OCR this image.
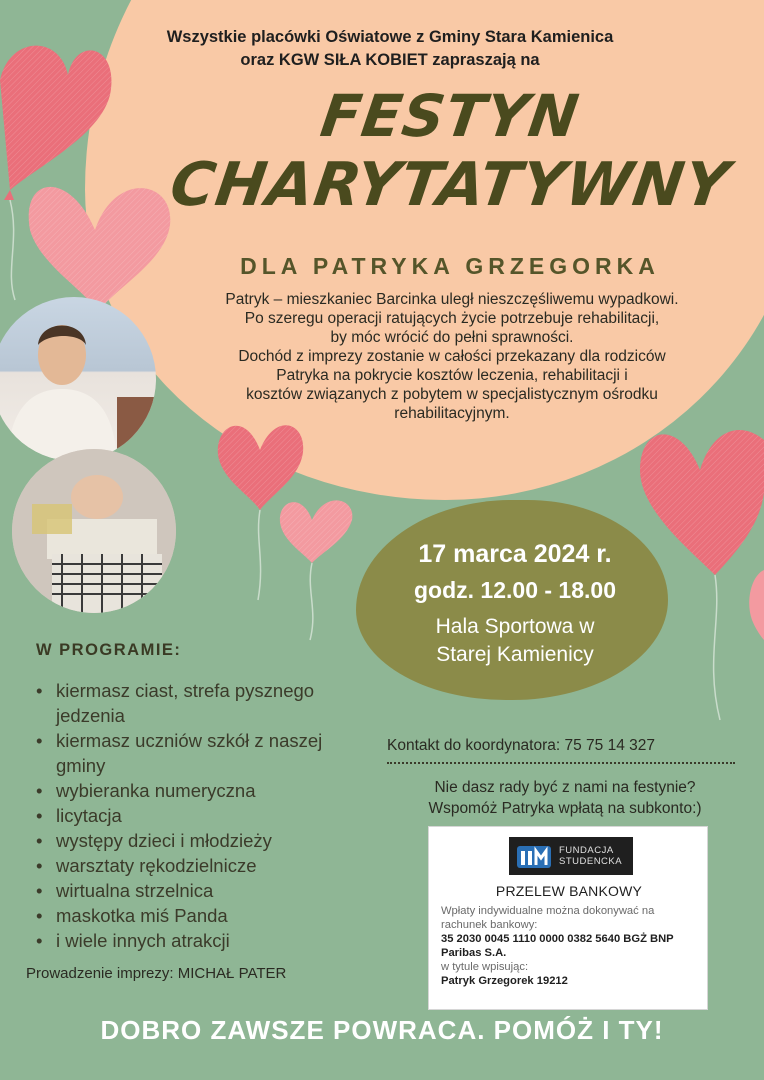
Wszystkie placówki Oświatowe z Gminy Stara Kamienica
oraz KGW SIŁA KOBIET zapraszają na
FESTYN
CHARYTATYWNY
DLA PATRYKA GRZEGORKA
Patryk – mieszkaniec Barcinka uległ nieszczęśliwemu wypadkowi.
Po szeregu operacji ratujących życie potrzebuje rehabilitacji,
by móc wrócić do pełni sprawności.
Dochód z imprezy zostanie w całości przekazany dla rodziców
Patryka na pokrycie kosztów leczenia, rehabilitacji i
kosztów związanych z pobytem w specjalistycznym ośrodku
rehabilitacyjnym.
17 marca 2024 r.
godz. 12.00 - 18.00
Hala Sportowa w
Starej Kamienicy
W PROGRAMIE:
• kiermasz ciast, strefa pysznego jedzenia
• kiermasz uczniów szkół z naszej gminy
• wybieranka numeryczna
• licytacja
• występy dzieci i młodzieży
• warsztaty rękodzielnicze
• wirtualna strzelnica
• maskotka miś Panda
• i wiele innych atrakcji
Prowadzenie imprezy: MICHAŁ PATER
Kontakt do koordynatora: 75 75 14 327
Nie dasz rady być z nami na festynie?
Wspomóż Patryka wpłatą na subkonto:)
FUNDACJA
STUDENCKA
PRZELEW BANKOWY
Wpłaty indywidualne można dokonywać na rachunek bankowy:
35 2030 0045 1110 0000 0382 5640 BGŻ BNP Paribas S.A.
w tytule wpisując:
Patryk Grzegorek 19212
DOBRO ZAWSZE POWRACA. POMÓŻ I TY!
